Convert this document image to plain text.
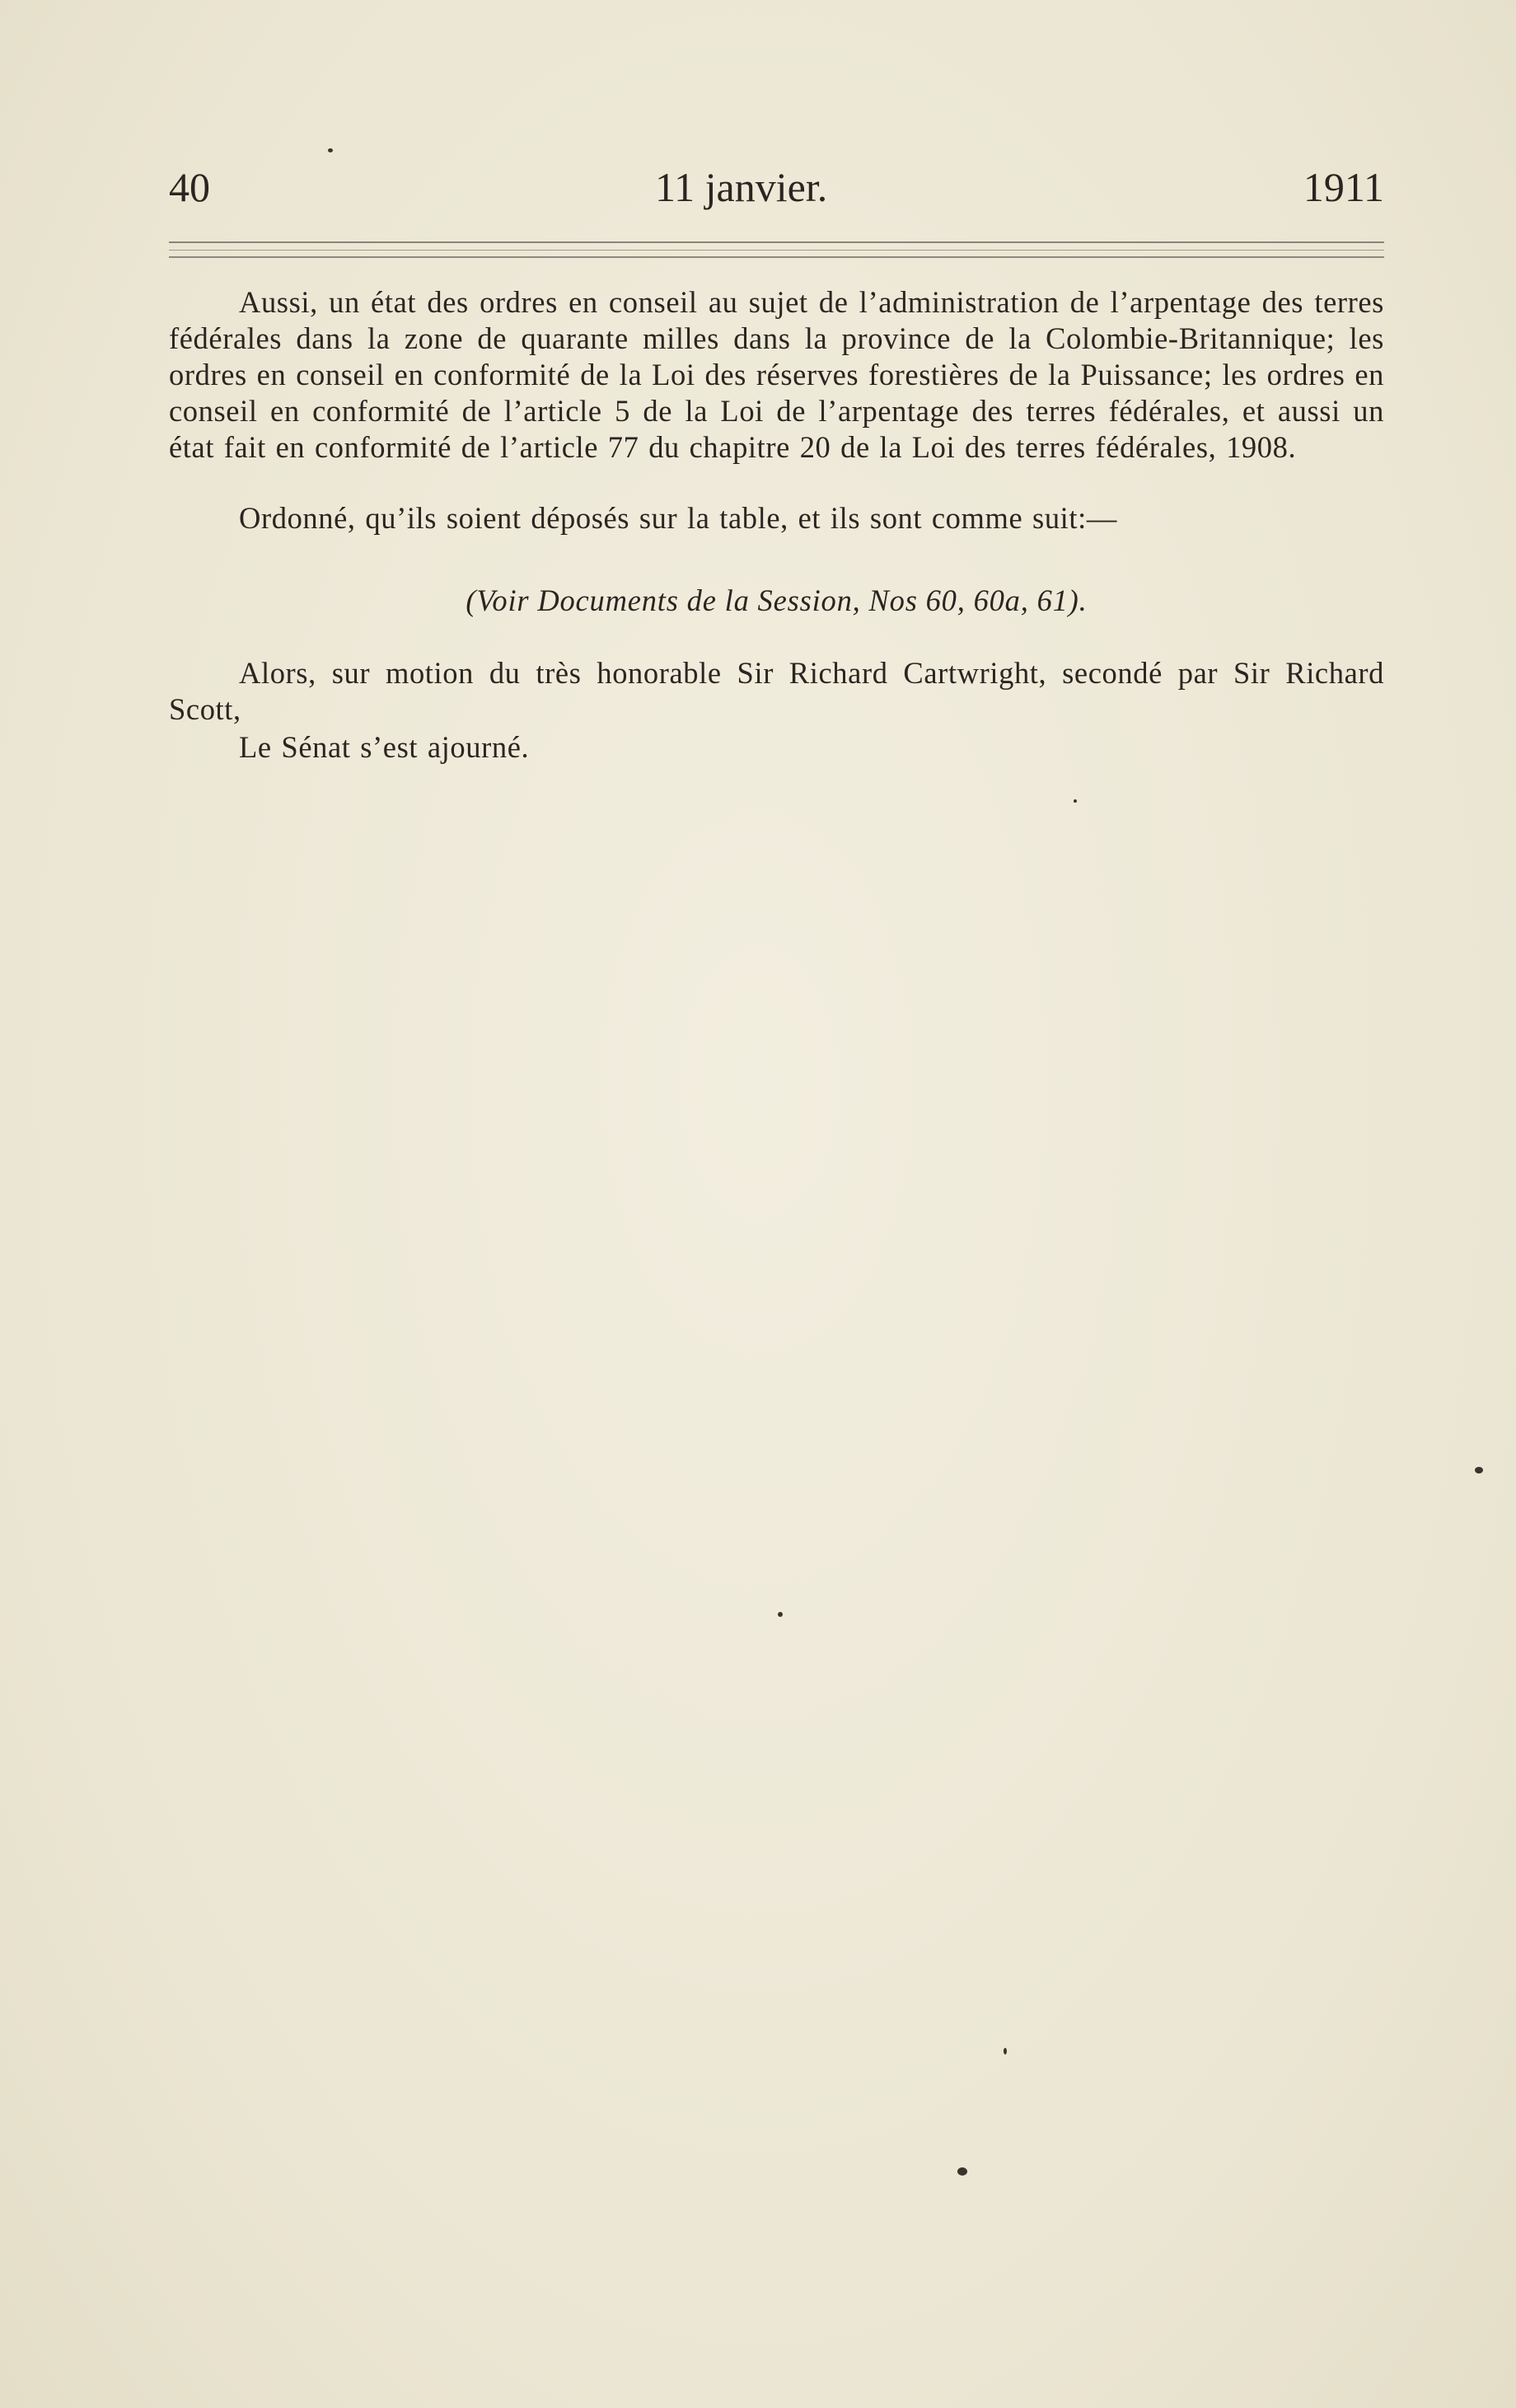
40	11 janvier.	1911
Aussi, un état des ordres en conseil au sujet de l’administration de l’arpentage des terres fédérales dans la zone de quarante milles dans la province de la Colombie-Britannique; les ordres en conseil en conformité de la Loi des réserves forestières de la Puissance; les ordres en conseil en conformité de l’article 5 de la Loi de l’arpentage des terres fédérales, et aussi un état fait en conformité de l’article 77 du chapitre 20 de la Loi des terres fédérales, 1908.
Ordonné, qu’ils soient déposés sur la table, et ils sont comme suit:—
(Voir Documents de la Session, Nos 60, 60a, 61).
Alors, sur motion du très honorable Sir Richard Cartwright, secondé par Sir Richard Scott,
Le Sénat s’est ajourné.
